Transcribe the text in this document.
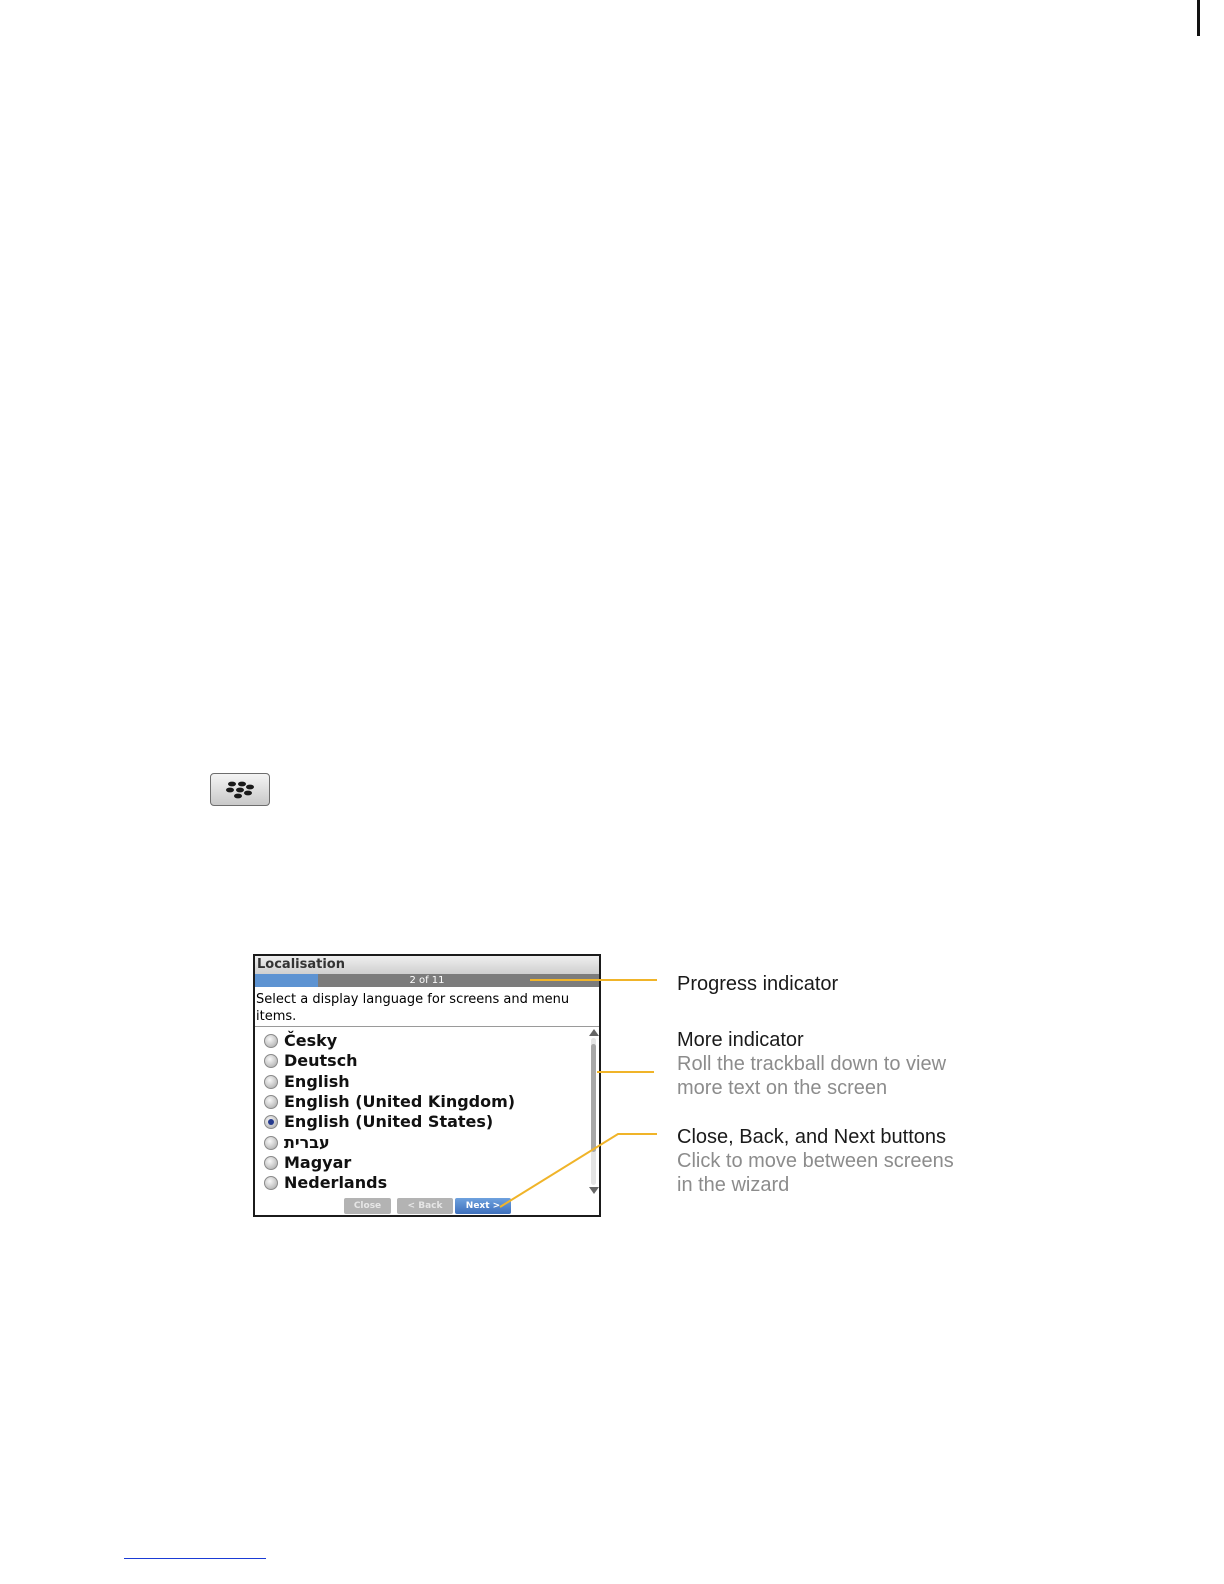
Localisation
2 of 11
Select a display language for screens and menu items.
Česky
Deutsch
English
English (United Kingdom)
English (United States)
עברית
Magyar
Nederlands
Close	< Back	Next >
Progress indicator
More indicator
Roll the trackball down to view
more text on the screen
Close, Back, and Next buttons
Click to move between screens
in the wizard
